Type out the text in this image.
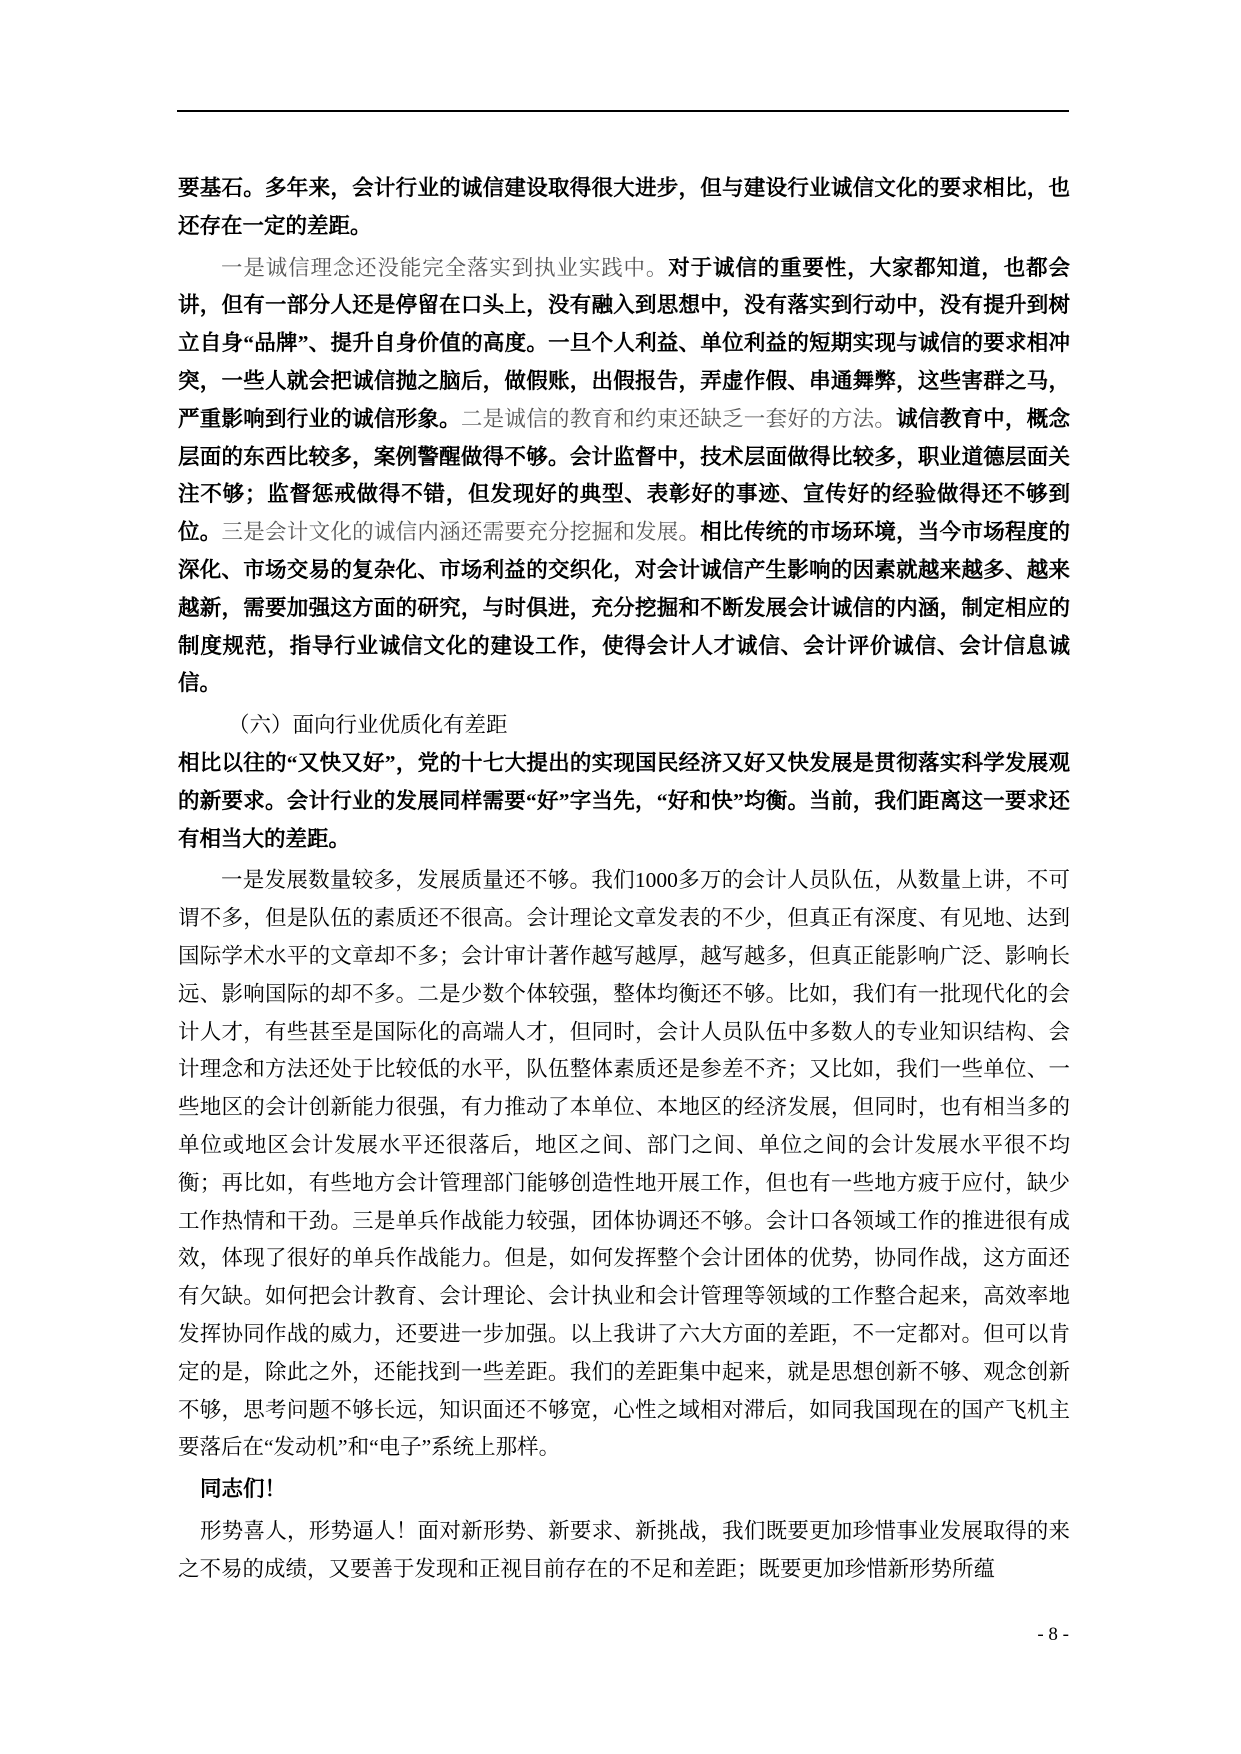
要基石。多年来，会计行业的诚信建设取得很大进步，但与建设行业诚信文化的要求相比，也还存在一定的差距。

一是诚信理念还没能完全落实到执业实践中。对于诚信的重要性，大家都知道，也都会讲，但有一部分人还是停留在口头上，没有融入到思想中，没有落实到行动中，没有提升到树立自身“品牌”、提升自身价值的高度。一旦个人利益、单位利益的短期实现与诚信的要求相冲突，一些人就会把诚信抛之脑后，做假账，出假报告，弄虚作假、串通舞弊，这些害群之马，严重影响到行业的诚信形象。二是诚信的教育和约束还缺乏一套好的方法。诚信教育中，概念层面的东西比较多，案例警醒做得不够。会计监督中，技术层面做得比较多，职业道德层面关注不够；监督惩戒做得不错，但发现好的典型、表彰好的事迹、宣传好的经验做得还不够到位。三是会计文化的诚信内涵还需要充分挖掘和发展。相比传统的市场环境，当今市场程度的深化、市场交易的复杂化、市场利益的交织化，对会计诚信产生影响的因素就越来越多、越来越新，需要加强这方面的研究，与时俱进，充分挖掘和不断发展会计诚信的内涵，制定相应的制度规范，指导行业诚信文化的建设工作，使得会计人才诚信、会计评价诚信、会计信息诚信。

（六）面向行业优质化有差距

相比以往的“又快又好”，党的十七大提出的实现国民经济又好又快发展是贯彻落实科学发展观的新要求。会计行业的发展同样需要“好”字当先，“好和快”均衡。当前，我们距离这一要求还有相当大的差距。

一是发展数量较多，发展质量还不够。我们1000多万的会计人员队伍，从数量上讲，不可谓不多，但是队伍的素质还不很高。会计理论文章发表的不少，但真正有深度、有见地、达到国际学术水平的文章却不多；会计审计著作越写越厚，越写越多，但真正能影响广泛、影响长远、影响国际的却不多。二是少数个体较强，整体均衡还不够。比如，我们有一批现代化的会计人才，有些甚至是国际化的高端人才，但同时，会计人员队伍中多数人的专业知识结构、会计理念和方法还处于比较低的水平，队伍整体素质还是参差不齐；又比如，我们一些单位、一些地区的会计创新能力很强，有力推动了本单位、本地区的经济发展，但同时，也有相当多的单位或地区会计发展水平还很落后，地区之间、部门之间、单位之间的会计发展水平很不均衡；再比如，有些地方会计管理部门能够创造性地开展工作，但也有一些地方疲于应付，缺少工作热情和干劲。三是单兵作战能力较强，团体协调还不够。会计口各领域工作的推进很有成效，体现了很好的单兵作战能力。但是，如何发挥整个会计团体的优势，协同作战，这方面还有欠缺。如何把会计教育、会计理论、会计执业和会计管理等领域的工作整合起来，高效率地发挥协同作战的威力，还要进一步加强。以上我讲了六大方面的差距，不一定都对。但可以肯定的是，除此之外，还能找到一些差距。我们的差距集中起来，就是思想创新不够、观念创新不够，思考问题不够长远，知识面还不够宽，心性之域相对滞后，如同我国现在的国产飞机主要落后在“发动机”和“电子”系统上那样。

同志们！

形势喜人，形势逼人！面对新形势、新要求、新挑战，我们既要更加珍惜事业发展取得的来之不易的成绩，又要善于发现和正视目前存在的不足和差距；既要更加珍惜新形势所蕴

- 8 -
